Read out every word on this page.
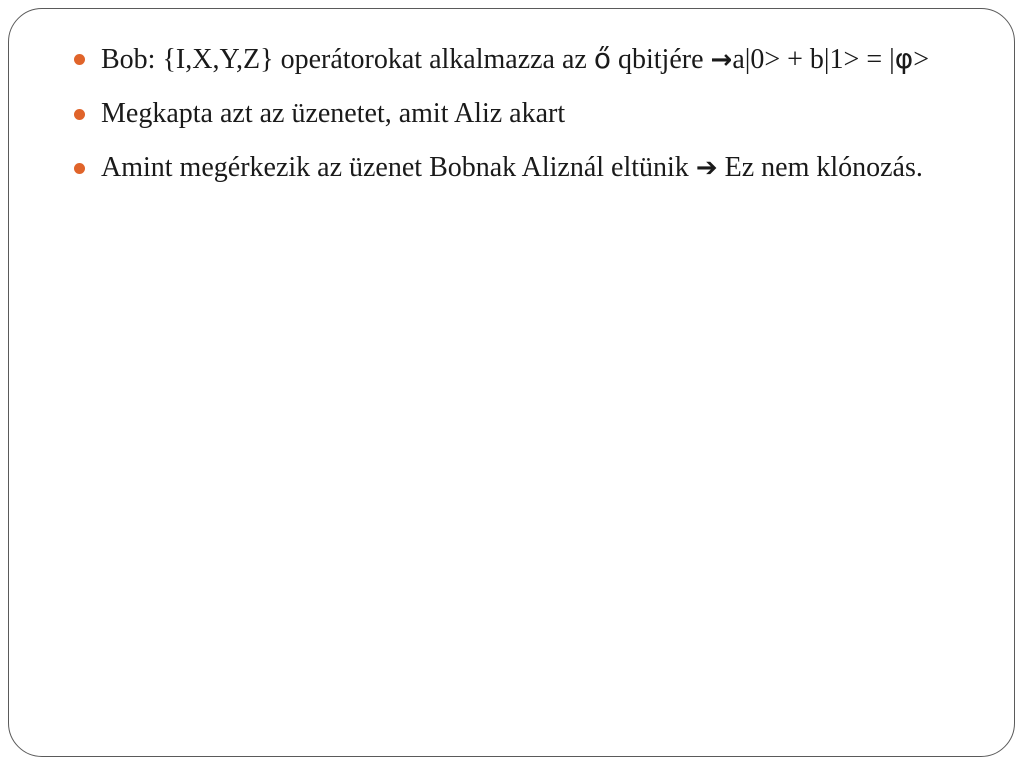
Bob: {I,X,Y,Z} operátorokat alkalmazza az ő qbitjére →a|0> + b|1> = |φ>
Megkapta azt az üzenetet, amit Aliz akart
Amint megérkezik az üzenet Bobnak Aliznál eltünik ➔ Ez nem klónozás.
